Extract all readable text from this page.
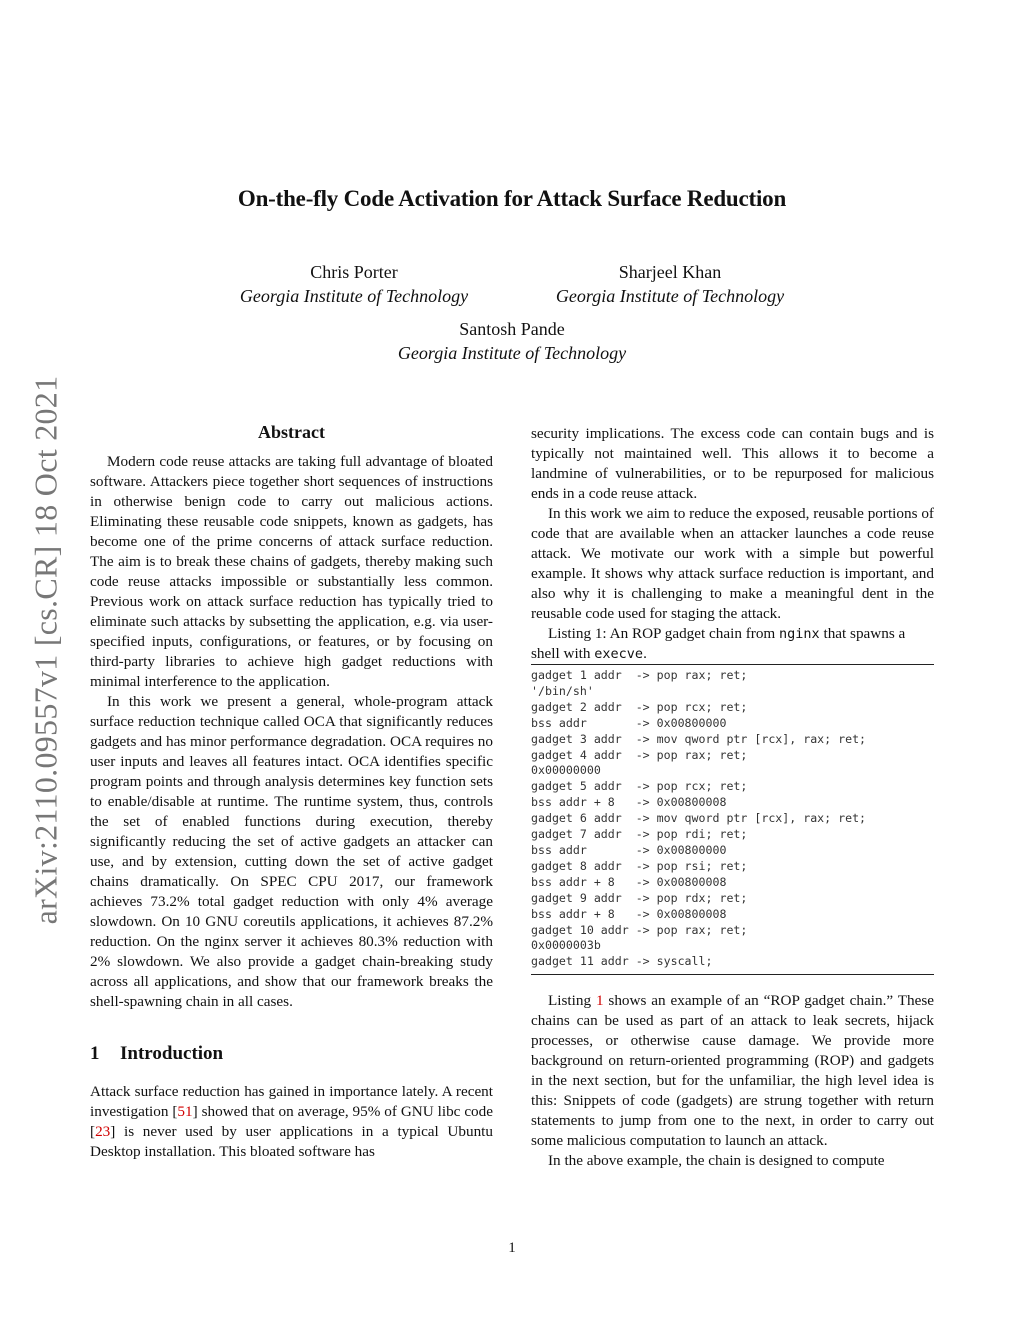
On-the-fly Code Activation for Attack Surface Reduction
Chris Porter
Georgia Institute of Technology
Sharjeel Khan
Georgia Institute of Technology
Santosh Pande
Georgia Institute of Technology
arXiv:2110.09557v1 [cs.CR] 18 Oct 2021	Abstract

Modern code reuse attacks are taking full advantage of bloated software. Attackers piece together short sequences of instructions in otherwise benign code to carry out malicious actions. Eliminating these reusable code snippets, known as gadgets, has become one of the prime concerns of attack surface reduction. The aim is to break these chains of gadgets, thereby making such code reuse attacks impossible or substantially less common. Previous work on attack surface reduction has typically tried to eliminate such attacks by subsetting the application, e.g. via user-specified inputs, configurations, or features, or by focusing on third-party libraries to achieve high gadget reductions with minimal interference to the application.

In this work we present a general, whole-program attack surface reduction technique called OCA that significantly reduces gadgets and has minor performance degradation. OCA requires no user inputs and leaves all features intact. OCA identifies specific program points and through analysis determines key function sets to enable/disable at runtime. The runtime system, thus, controls the set of enabled functions during execution, thereby significantly reducing the set of active gadgets an attacker can use, and by extension, cutting down the set of active gadget chains dramatically. On SPEC CPU 2017, our framework achieves 73.2% total gadget reduction with only 4% average slowdown. On 10 GNU coreutils applications, it achieves 87.2% reduction. On the nginx server it achieves 80.3% reduction with 2% slowdown. We also provide a gadget chain-breaking study across all applications, and show that our framework breaks the shell-spawning chain in all cases.

1 Introduction

Attack surface reduction has gained in importance lately. A recent investigation [51] showed that on average, 95% of GNU libc code [23] is never used by user applications in a typical Ubuntu Desktop installation. This bloated software has

security implications. The excess code can contain bugs and is typically not maintained well. This allows it to become a landmine of vulnerabilities, or to be repurposed for malicious ends in a code reuse attack.

In this work we aim to reduce the exposed, reusable portions of code that are available when an attacker launches a code reuse attack. We motivate our work with a simple but powerful example. It shows why attack surface reduction is important, and also why it is challenging to make a meaningful dent in the reusable code used for staging the attack.

Listing 1: An ROP gadget chain from nginx that spawns a shell with execve.

gadget 1 addr  -> pop rax; ret;
'/bin/sh'
gadget 2 addr  -> pop rcx; ret;
bss addr       -> 0x00800000
gadget 3 addr  -> mov qword ptr [rcx], rax; ret;
gadget 4 addr  -> pop rax; ret;
0x00000000
gadget 5 addr  -> pop rcx; ret;
bss addr + 8   -> 0x00800008
gadget 6 addr  -> mov qword ptr [rcx], rax; ret;
gadget 7 addr  -> pop rdi; ret;
bss addr       -> 0x00800000
gadget 8 addr  -> pop rsi; ret;
bss addr + 8   -> 0x00800008
gadget 9 addr  -> pop rdx; ret;
bss addr + 8   -> 0x00800008
gadget 10 addr -> pop rax; ret;
0x0000003b
gadget 11 addr -> syscall;

Listing 1 shows an example of an “ROP gadget chain.” These chains can be used as part of an attack to leak secrets, hijack processes, or otherwise cause damage. We provide more background on return-oriented programming (ROP) and gadgets in the next section, but for the unfamiliar, the high level idea is this: Snippets of code (gadgets) are strung together with return statements to jump from one to the next, in order to carry out some malicious computation to launch an attack.

In the above example, the chain is designed to compute

1
